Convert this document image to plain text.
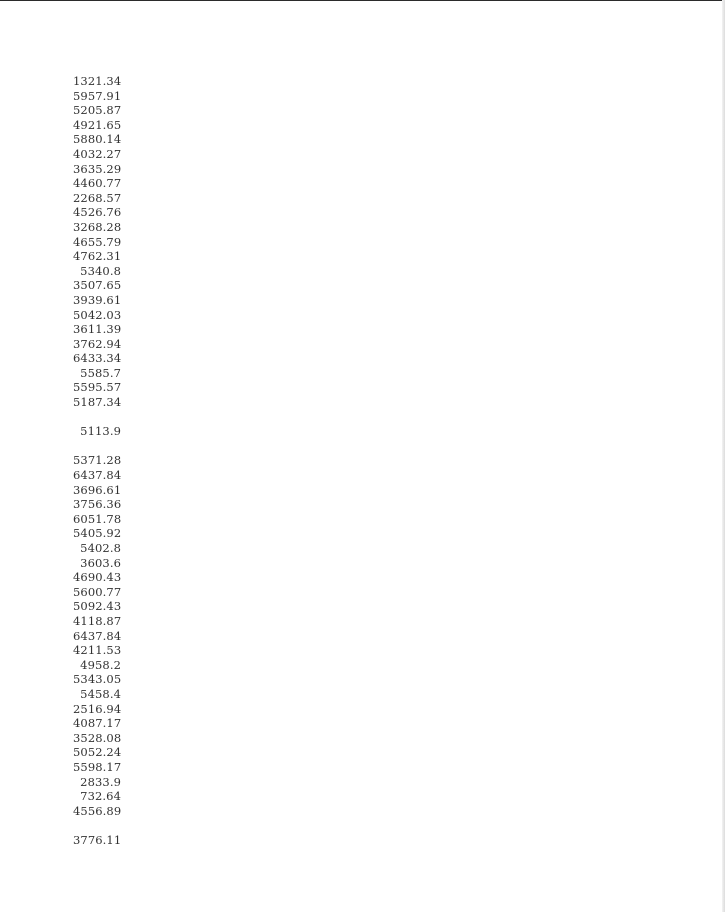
1321.34
5957.91
5205.87
4921.65
5880.14
4032.27
3635.29
4460.77
2268.57
4526.76
3268.28
4655.79
4762.31
5340.8
3507.65
3939.61
5042.03
3611.39
3762.94
6433.34
5585.7
5595.57
5187.34
5113.9
5371.28
6437.84
3696.61
3756.36
6051.78
5405.92
5402.8
3603.6
4690.43
5600.77
5092.43
4118.87
6437.84
4211.53
4958.2
5343.05
5458.4
2516.94
4087.17
3528.08
5052.24
5598.17
2833.9
732.64
4556.89
3776.11
